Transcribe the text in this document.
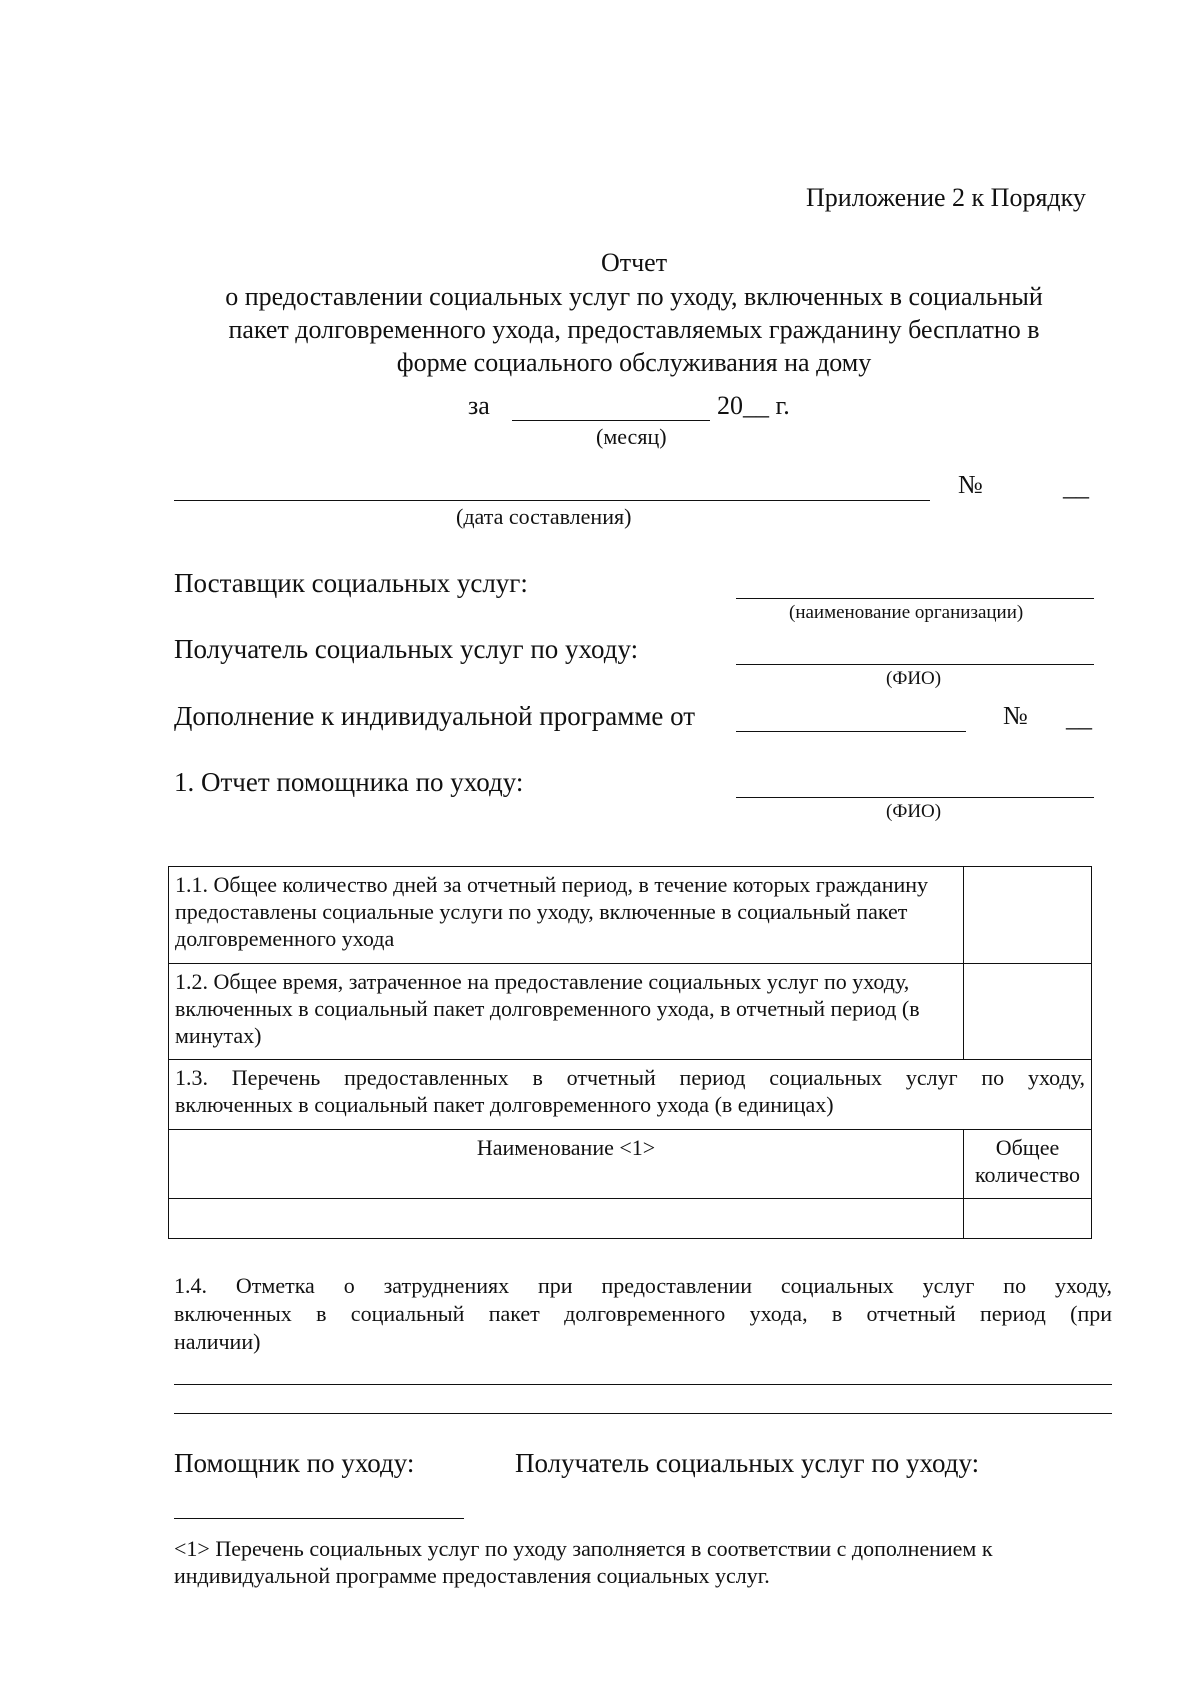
Приложение 2 к Порядку
Отчет
о предоставлении социальных услуг по уходу, включенных в социальный
пакет долговременного ухода, предоставляемых гражданину бесплатно в
форме социального обслуживания на дому
за	20__ г.
(месяц)
№	__
(дата составления)
Поставщик социальных услуг:
(наименование организации)
Получатель социальных услуг по уходу:
(ФИО)
Дополнение к индивидуальной программе от	№ __
1. Отчет помощника по уходу:
(ФИО)
1.1. Общее количество дней за отчетный период, в течение которых гражданину предоставлены социальные услуги по уходу, включенные в социальный пакет долговременного ухода	
1.2. Общее время, затраченное на предоставление социальных услуг по уходу, включенных в социальный пакет долговременного ухода, в отчетный период (в минутах)	

1.3. Перечень предоставленных в отчетный период социальных услуг по уходу,
включенных в социальный пакет долговременного ухода (в единицах)	

Наименование <1>	Общее количество

1.4. Отметка о затруднениях при предоставлении социальных услуг по уходу,
включенных в социальный пакет долговременного ухода, в отчетный период (при
наличии)
Помощник по уходу:	Получатель социальных услуг по уходу:
<1> Перечень социальных услуг по уходу заполняется в соответствии с дополнением к
индивидуальной программе предоставления социальных услуг.
